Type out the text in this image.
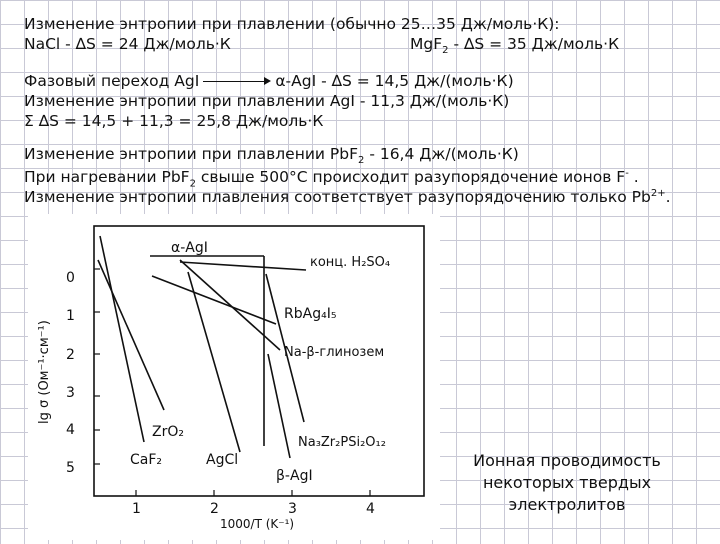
Изменение энтропии при плавлении (обычно 25…35 Дж/моль·К):
NaCl - ∆S = 24 Дж/моль·К	MgF$_2$ - ∆S = 35 Дж/моль·К
Фазовый переход AgI	α-AgI - ∆S = 14,5 Дж/(моль·К)
Изменение энтропии при плавлении AgI - 11,3 Дж/(моль·К)
Σ ∆S = 14,5 + 11,3 = 25,8 Дж/моль·К
Изменение энтропии при плавлении PbF$_2$ - 16,4 Дж/(моль·К)
При нагревании PbF$_2$ свыше 500°С происходит разупорядочение ионов F- .
Изменение энтропии плавления соответствует разупорядочению только $Pb^{2+}$.
0
1
2
3
4
5
lg σ (Ом⁻¹·см⁻¹)
1	2	3	4
1000/T (K⁻¹)
α-AgI
конц. H₂SO₄
RbAg₄I₅
Na-β-глинозем
ZrO₂
CaF₂	AgCl
Na₃Zr₂PSi₂O₁₂
β-AgI
Ионная проводимость
некоторых твердых
электролитов
